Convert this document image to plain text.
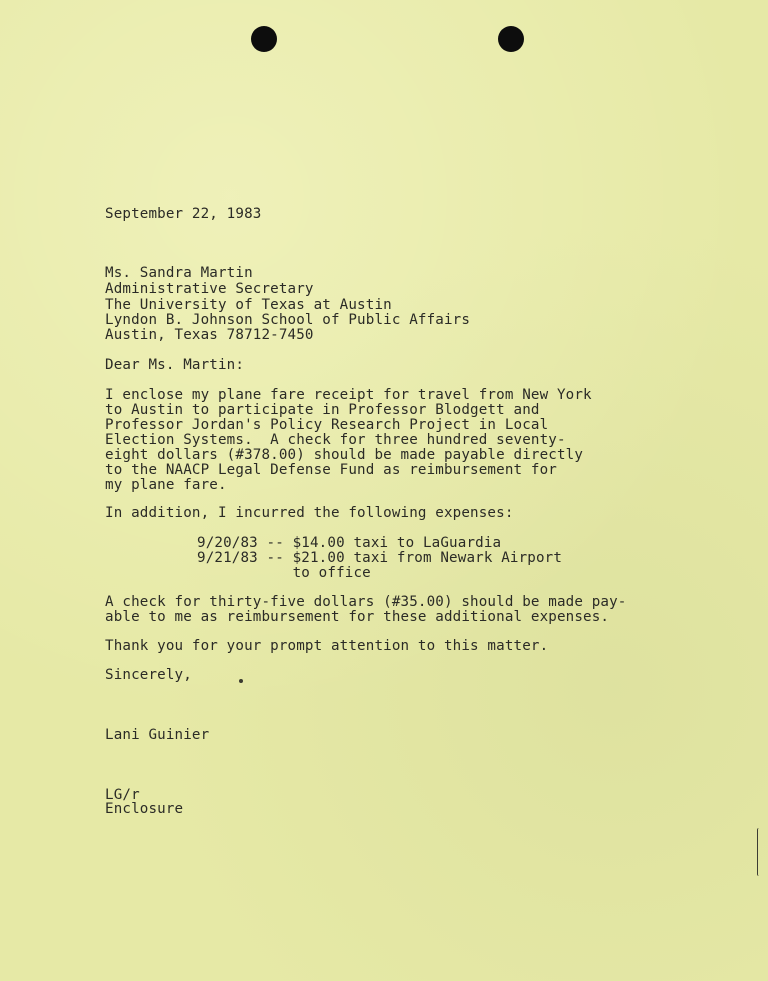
September 22, 1983
Ms. Sandra Martin
Administrative Secretary
The University of Texas at Austin
Lyndon B. Johnson School of Public Affairs
Austin, Texas 78712-7450
Dear Ms. Martin:
I enclose my plane fare receipt for travel from New York
to Austin to participate in Professor Blodgett and
Professor Jordan's Policy Research Project in Local
Election Systems.  A check for three hundred seventy-
eight dollars (#378.00) should be made payable directly
to the NAACP Legal Defense Fund as reimbursement for
my plane fare.
In addition, I incurred the following expenses:
9/20/83 -- $14.00 taxi to LaGuardia
9/21/83 -- $21.00 taxi from Newark Airport
to office
A check for thirty-five dollars (#35.00) should be made pay-
able to me as reimbursement for these additional expenses.
Thank you for your prompt attention to this matter.
Sincerely,
Lani Guinier
LG/r
Enclosure
